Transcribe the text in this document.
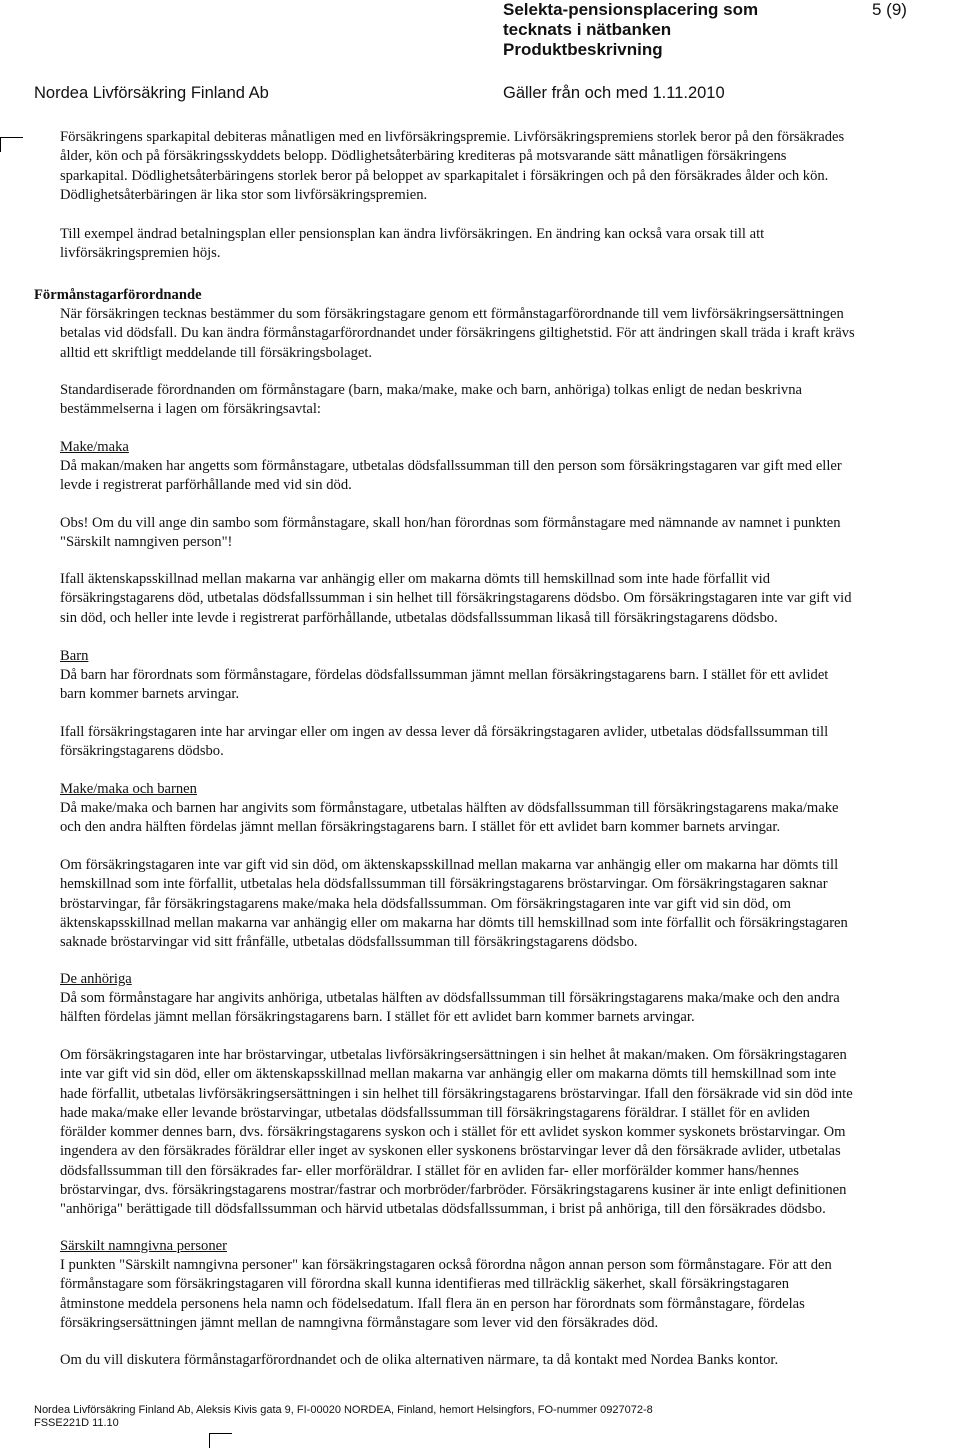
Selekta-pensionsplacering som
tecknats i nätbanken
Produktbeskrivning
5 (9)
Nordea Livförsäkring Finland Ab	Gäller från och med 1.11.2010
Försäkringens sparkapital debiteras månatligen med en livförsäkringspremie. Livförsäkringspremiens storlek beror på den försäkrades
ålder, kön och på försäkringsskyddets belopp. Dödlighetsåterbäring krediteras på motsvarande sätt månatligen försäkringens
sparkapital. Dödlighetsåterbäringens storlek beror på beloppet av sparkapitalet i försäkringen och på den försäkrades ålder och kön.
Dödlighetsåterbäringen är lika stor som livförsäkringspremien.
Till exempel ändrad betalningsplan eller pensionsplan kan ändra livförsäkringen. En ändring kan också vara orsak till att
livförsäkringspremien höjs.
Förmånstagarförordnande
När försäkringen tecknas bestämmer du som försäkringstagare genom ett förmånstagarförordnande till vem livförsäkringsersättningen
betalas vid dödsfall. Du kan ändra förmånstagarförordnandet under försäkringens giltighetstid. För att ändringen skall träda i kraft krävs
alltid ett skriftligt meddelande till försäkringsbolaget.
Standardiserade förordnanden om förmånstagare (barn, maka/make, make och barn, anhöriga) tolkas enligt de nedan beskrivna
bestämmelserna i lagen om försäkringsavtal:
Make/maka
Då makan/maken har angetts som förmånstagare, utbetalas dödsfallssumman till den person som försäkringstagaren var gift med eller
levde i registrerat parförhållande med vid sin död.
Obs! Om du vill ange din sambo som förmånstagare, skall hon/han förordnas som förmånstagare med nämnande av namnet i punkten
"Särskilt namngiven person"!
Ifall äktenskapsskillnad mellan makarna var anhängig eller om makarna dömts till hemskillnad som inte hade förfallit vid
försäkringstagarens död, utbetalas dödsfallssumman i sin helhet till försäkringstagarens dödsbo. Om försäkringstagaren inte var gift vid
sin död, och heller inte levde i registrerat parförhållande, utbetalas dödsfallssumman likaså till försäkringstagarens dödsbo.
Barn
Då barn har förordnats som förmånstagare, fördelas dödsfallssumman jämnt mellan försäkringstagarens barn. I stället för ett avlidet
barn kommer barnets arvingar.
Ifall försäkringstagaren inte har arvingar eller om ingen av dessa lever då försäkringstagaren avlider, utbetalas dödsfallssumman till
försäkringstagarens dödsbo.
Make/maka och barnen
Då make/maka och barnen har angivits som förmånstagare, utbetalas hälften av dödsfallssumman till försäkringstagarens maka/make
och den andra hälften fördelas jämnt mellan försäkringstagarens barn. I stället för ett avlidet barn kommer barnets arvingar.
Om försäkringstagaren inte var gift vid sin död, om äktenskapsskillnad mellan makarna var anhängig eller om makarna har dömts till
hemskillnad som inte förfallit, utbetalas hela dödsfallssumman till försäkringstagarens bröstarvingar. Om försäkringstagaren saknar
bröstarvingar, får försäkringstagarens make/maka hela dödsfallssumman. Om försäkringstagaren inte var gift vid sin död, om
äktenskapsskillnad mellan makarna var anhängig eller om makarna har dömts till hemskillnad som inte förfallit och försäkringstagaren
saknade bröstarvingar vid sitt frånfälle, utbetalas dödsfallssumman till försäkringstagarens dödsbo.
De anhöriga
Då som förmånstagare har angivits anhöriga, utbetalas hälften av dödsfallssumman till försäkringstagarens maka/make och den andra
hälften fördelas jämnt mellan försäkringstagarens barn. I stället för ett avlidet barn kommer barnets arvingar.
Om försäkringstagaren inte har bröstarvingar, utbetalas livförsäkringsersättningen i sin helhet åt makan/maken. Om försäkringstagaren
inte var gift vid sin död, eller om äktenskapsskillnad mellan makarna var anhängig eller om makarna dömts till hemskillnad som inte
hade förfallit, utbetalas livförsäkringsersättningen i sin helhet till försäkringstagarens bröstarvingar. Ifall den försäkrade vid sin död inte
hade maka/make eller levande bröstarvingar, utbetalas dödsfallssumman till försäkringstagarens föräldrar. I stället för en avliden
förälder kommer dennes barn, dvs. försäkringstagarens syskon och i stället för ett avlidet syskon kommer syskonets bröstarvingar. Om
ingendera av den försäkrades föräldrar eller inget av syskonen eller syskonens bröstarvingar lever då den försäkrade avlider, utbetalas
dödsfallssumman till den försäkrades far- eller morföräldrar. I stället för en avliden far- eller morförälder kommer hans/hennes
bröstarvingar, dvs. försäkringstagarens mostrar/fastrar och morbröder/farbröder. Försäkringstagarens kusiner är inte enligt definitionen
"anhöriga" berättigade till dödsfallssumman och härvid utbetalas dödsfallssumman, i brist på anhöriga, till den försäkrades dödsbo.
Särskilt namngivna personer
I punkten "Särskilt namngivna personer" kan försäkringstagaren också förordna någon annan person som förmånstagare. För att den
förmånstagare som försäkringstagaren vill förordna skall kunna identifieras med tillräcklig säkerhet, skall försäkringstagaren
åtminstone meddela personens hela namn och födelsedatum. Ifall flera än en person har förordnats som förmånstagare, fördelas
försäkringsersättningen jämnt mellan de namngivna förmånstagare som lever vid den försäkrades död.
Om du vill diskutera förmånstagarförordnandet och de olika alternativen närmare, ta då kontakt med Nordea Banks kontor.
Nordea Livförsäkring Finland Ab, Aleksis Kivis gata 9, FI-00020 NORDEA, Finland, hemort Helsingfors, FO-nummer 0927072-8
FSSE221D 11.10
